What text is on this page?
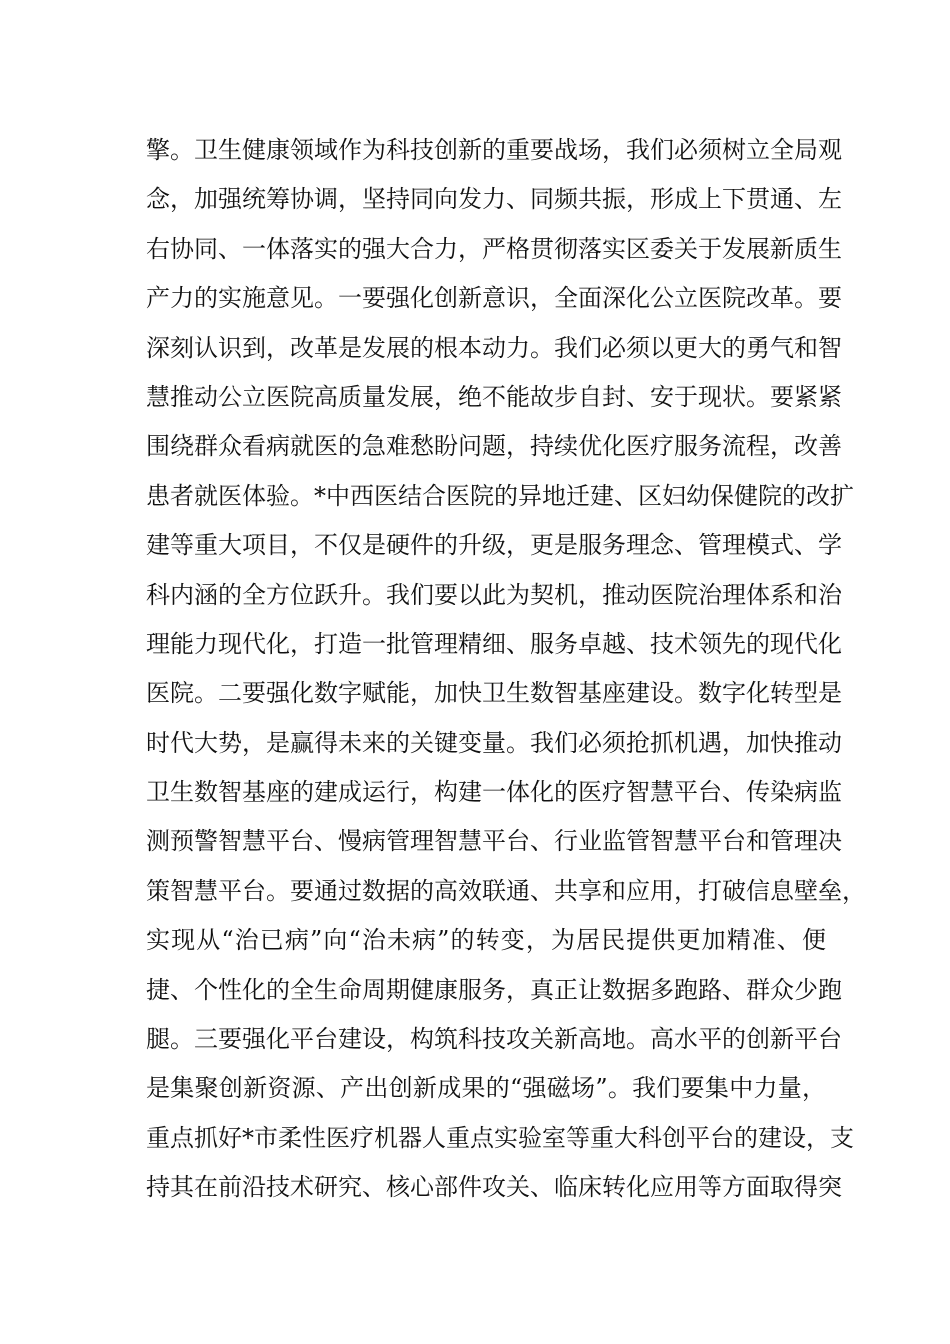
擎。卫生健康领域作为科技创新的重要战场，我们必须树立全局观
念，加强统筹协调，坚持同向发力、同频共振，形成上下贯通、左
右协同、一体落实的强大合力，严格贯彻落实区委关于发展新质生
产力的实施意见。一要强化创新意识，全面深化公立医院改革。要
深刻认识到，改革是发展的根本动力。我们必须以更大的勇气和智
慧推动公立医院高质量发展，绝不能故步自封、安于现状。要紧紧
围绕群众看病就医的急难愁盼问题，持续优化医疗服务流程，改善
患者就医体验。*中西医结合医院的异地迁建、区妇幼保健院的改扩
建等重大项目，不仅是硬件的升级，更是服务理念、管理模式、学
科内涵的全方位跃升。我们要以此为契机，推动医院治理体系和治
理能力现代化，打造一批管理精细、服务卓越、技术领先的现代化
医院。二要强化数字赋能，加快卫生数智基座建设。数字化转型是
时代大势，是赢得未来的关键变量。我们必须抢抓机遇，加快推动
卫生数智基座的建成运行，构建一体化的医疗智慧平台、传染病监
测预警智慧平台、慢病管理智慧平台、行业监管智慧平台和管理决
策智慧平台。要通过数据的高效联通、共享和应用，打破信息壁垒，
实现从“治已病”向“治未病”的转变，为居民提供更加精准、便
捷、个性化的全生命周期健康服务，真正让数据多跑路、群众少跑
腿。三要强化平台建设，构筑科技攻关新高地。高水平的创新平台
是集聚创新资源、产出创新成果的“强磁场”。我们要集中力量，
重点抓好*市柔性医疗机器人重点实验室等重大科创平台的建设，支
持其在前沿技术研究、核心部件攻关、临床转化应用等方面取得突
